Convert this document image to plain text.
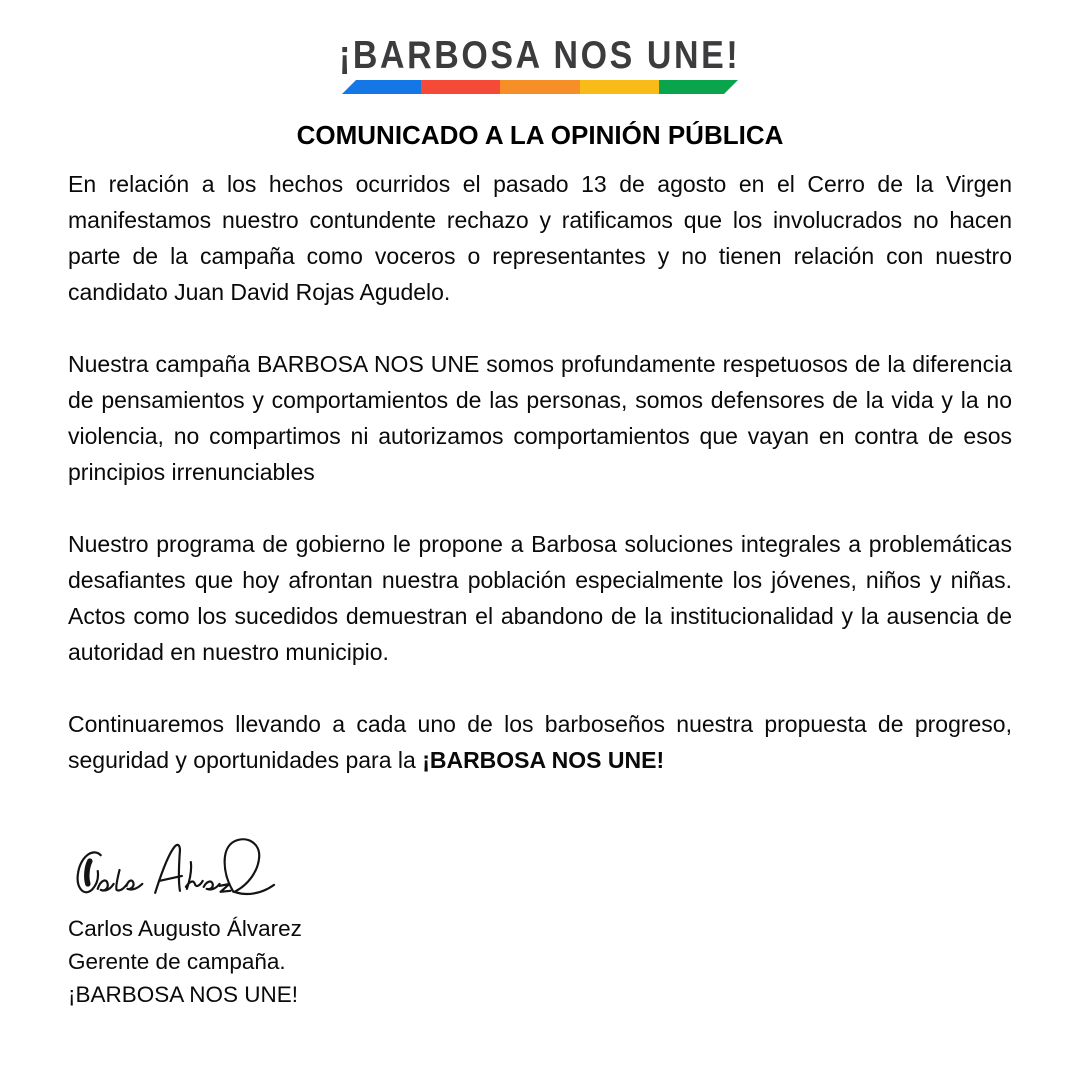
¡BARBOSA NOS UNE!
COMUNICADO A LA OPINIÓN PÚBLICA

En relación a los hechos ocurridos el pasado 13 de agosto en el Cerro de la Virgen manifestamos nuestro contundente rechazo y ratificamos que los involucrados no hacen parte de la campaña como voceros o representantes y no tienen relación con nuestro candidato Juan David Rojas Agudelo.

Nuestra campaña BARBOSA NOS UNE somos profundamente respetuosos de la diferencia de pensamientos y comportamientos de las personas, somos defensores de la vida y la no violencia, no compartimos ni autorizamos comportamientos que vayan en contra de esos principios irrenunciables

Nuestro programa de gobierno le propone a Barbosa soluciones integrales a problemáticas desafiantes que hoy afrontan nuestra población especialmente los jóvenes, niños y niñas. Actos como los sucedidos demuestran el abandono de la institucionalidad y la ausencia de autoridad en nuestro municipio.

Continuaremos llevando a cada uno de los barboseños nuestra propuesta de progreso, seguridad y oportunidades para la ¡BARBOSA NOS UNE!

Carlos Augusto Álvarez
Gerente de campaña.
¡BARBOSA NOS UNE!
